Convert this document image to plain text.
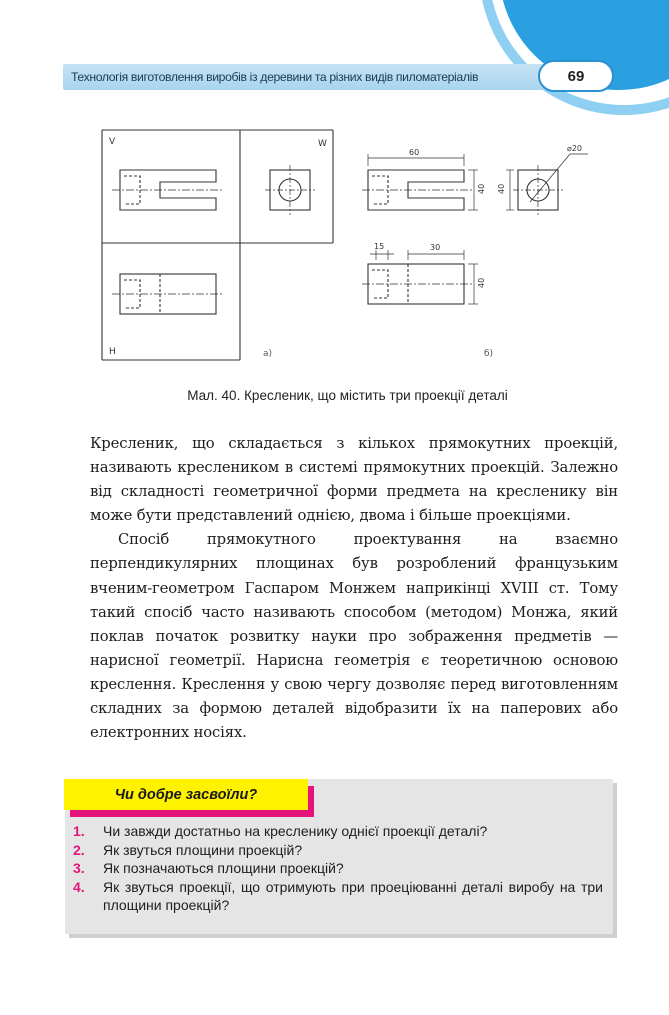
Технологія виготовлення виробів із деревини та різних видів пиломатеріалів	69
V	W
H	а)	б)
60
40
⌀20
40
15	30
40
Мал. 40. Кресленик, що містить три проекції деталі

Кресленик, що складається з кількох прямокутних проекцій, називають креслеником в системі прямокутних проекцій. Залежно від складності геометричної форми предмета на кресленику він може бути представлений однією, двома і більше проекціями.

Спосіб прямокутного проектування на взаємно перпендикулярних площинах був розроблений французьким вченим-геометром Гаспаром Монжем наприкінці XVIII ст. Тому такий спосіб часто називають способом (методом) Монжа, який поклав початок розвитку науки про зображення предметів — нарисної геометрії. Нарисна геометрія є теоретичною основою креслення. Креслення у свою чергу дозволяє перед виготовленням складних за формою деталей відобразити їх на паперових або електронних носіях.

Чи добре засвоїли?
1.	Чи завжди достатньо на кресленику однієї проекції деталі?
2.	Як звуться площини проекцій?
3.	Як позначаються площини проекцій?
4.	Як звуться проекції, що отримують при проеціюванні деталі виробу на три площини проекцій?
